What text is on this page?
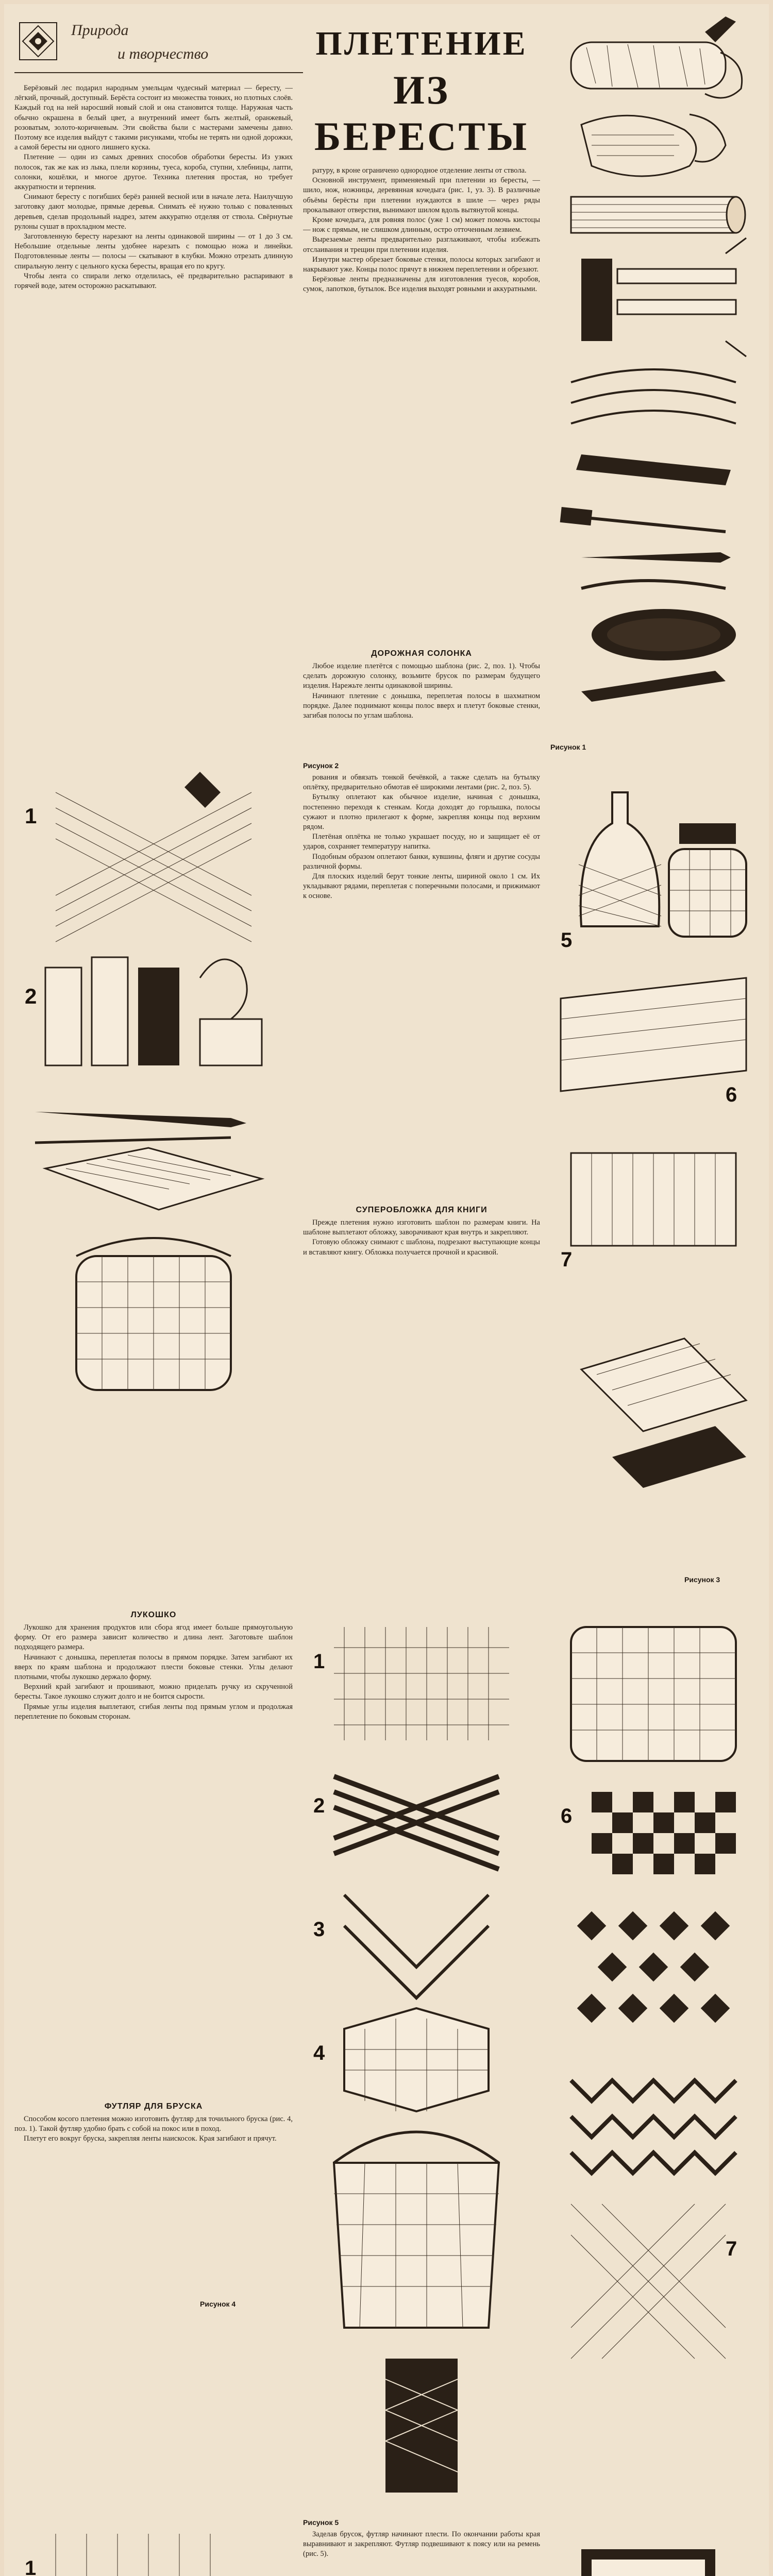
Природа
и творчество	ПЛЕТЕНИЕ
ИЗ
БЕРЕСТЫ

Берёзовый лес подарил народным умельцам чудесный материал — бересту, — лёгкий, прочный, доступный. Берёста состоит из множества тонких, но плотных слоёв. Каждый год на ней наросший новый слой и она становится толще. Наружная часть обычно окрашена в белый цвет, а внутренний имеет быть желтый, оранжевый, розоватым, золото-коричневым. Эти свойства были с мастерами замечены давно. Поэтому все изделия выйдут с такими рисунками, чтобы не терять ни одной дорожки, а самой бересты ни одного лишнего куска.

Плетение — один из самых древних способов обработки бересты. Из узких полосок, так же как из лыка, плели корзины, туеса, короба, ступни, хлебницы, лапти, солонки, кошёлки, и многое другое. Техника плетения простая, но требует аккуратности и терпения.

Снимают бересту с погибших берёз ранней весной или в начале лета. Наилучшую заготовку дают молодые, прямые деревья. Снимать её нужно только с поваленных деревьев, сделав продольный надрез, затем аккуратно отделяя от ствола. Свёрнутые рулоны сушат в прохладном месте.

Заготовленную бересту нарезают на ленты одинаковой ширины — от 1 до 3 см. Небольшие отдельные ленты удобнее нарезать с помощью ножа и линейки. Подготовленные ленты — полосы — скатывают в клубки. Можно отрезать длинную спиральную ленту с цельного куска бересты, вращая его по кругу.

Чтобы лента со спирали легко отделилась, её предварительно распаривают в горячей воде, затем осторожно раскатывают.

ратуру, в кроне ограничено однородное отделение ленты от ствола.

Основной инструмент, применяемый при плетении из бересты, — шило, нож, ножницы, деревянная кочедыга (рис. 1, уз. 3). В различные объёмы берёсты при плетении нуждаются в шиле — через ряды прокалывают отверстия, вынимают шилом вдоль вытянутой концы.

Кроме кочедыга, для ровняя полос (уже 1 см) может помочь кистоцы — нож с прямым, не слишком длинным, остро отточенным лезвием.

Вырезаемые ленты предварительно разглаживают, чтобы избежать отслаивания и трещин при плетении изделия.

Изнутри мастер обрезает боковые стенки, полосы которых загибают и накрывают уже. Концы полос прячут в нижнем переплетении и обрезают.

Берёзовые ленты предназначены для изготовления туесов, коробов, сумок, лапотков, бутылок. Все изделия выходят ровными и аккуратными.

ДОРОЖНАЯ СОЛОНКА

Любое изделие плетётся с помощью шаблона (рис. 2, поз. 1). Чтобы сделать дорожную солонку, возьмите брусок по размерам будущего изделия. Нарежьте ленты одинаковой ширины.

Начинают плетение с донышка, переплетая полосы в шахматном порядке. Далее поднимают концы полос вверх и плетут боковые стенки, загибая полосы по углам шаблона.

Рисунок 1
1
2
Рисунок 2

рования и обвязать тонкой бечёвкой, а также сделать на бутылку оплётку, предварительно обмотав её широкими лентами (рис. 2, поз. 5).

Бутылку оплетают как обычное изделие, начиная с донышка, постепенно переходя к стенкам. Когда доходят до горлышка, полосы сужают и плотно прилегают к форме, закрепляя концы под верхним рядом.

Плетёная оплётка не только украшает посуду, но и защищает её от ударов, сохраняет температуру напитка.

Подобным образом оплетают банки, кувшины, фляги и другие сосуды различной формы.

Для плоских изделий берут тонкие ленты, шириной около 1 см. Их укладывают рядами, переплетая с поперечными полосами, и прижимают к основе.

СУПЕРОБЛОЖКА ДЛЯ КНИГИ

Прежде плетения нужно изготовить шаблон по размерам книги. На шаблоне выплетают обложку, заворачивают края внутрь и закрепляют.

Готовую обложку снимают с шаблона, подрезают выступающие концы и вставляют книгу. Обложка получается прочной и красивой.

5
6
7
Рисунок 3
ЛУКОШКО

Лукошко для хранения продуктов или сбора ягод имеет больше прямоугольную форму. От его размера зависит количество и длина лент. Заготовьте шаблон подходящего размера.

Начинают с донышка, переплетая полосы в прямом порядке. Затем загибают их вверх по краям шаблона и продолжают плести боковые стенки. Углы делают плотными, чтобы лукошко держало форму.

Верхний край загибают и прошивают, можно приделать ручку из скрученной бересты. Такое лукошко служит долго и не боится сырости.

Прямые углы изделия выплетают, сгибая ленты под прямым углом и продолжая переплетение по боковым сторонам.

ФУТЛЯР ДЛЯ БРУСКА

Способом косого плетения можно изготовить футляр для точильного бруска (рис. 4, поз. 1). Такой футляр удобно брать с собой на покос или в поход.

Плетут его вокруг бруска, закрепляя ленты наискосок. Края загибают и прячут.

Рисунок 4
1
2
3
4
6
7
1
Рисунок 5

Заделав брусок, футляр начинают плести. По окончании работы края выравнивают и закрепляют. Футляр подвешивают к поясу или на ремень (рис. 5).
